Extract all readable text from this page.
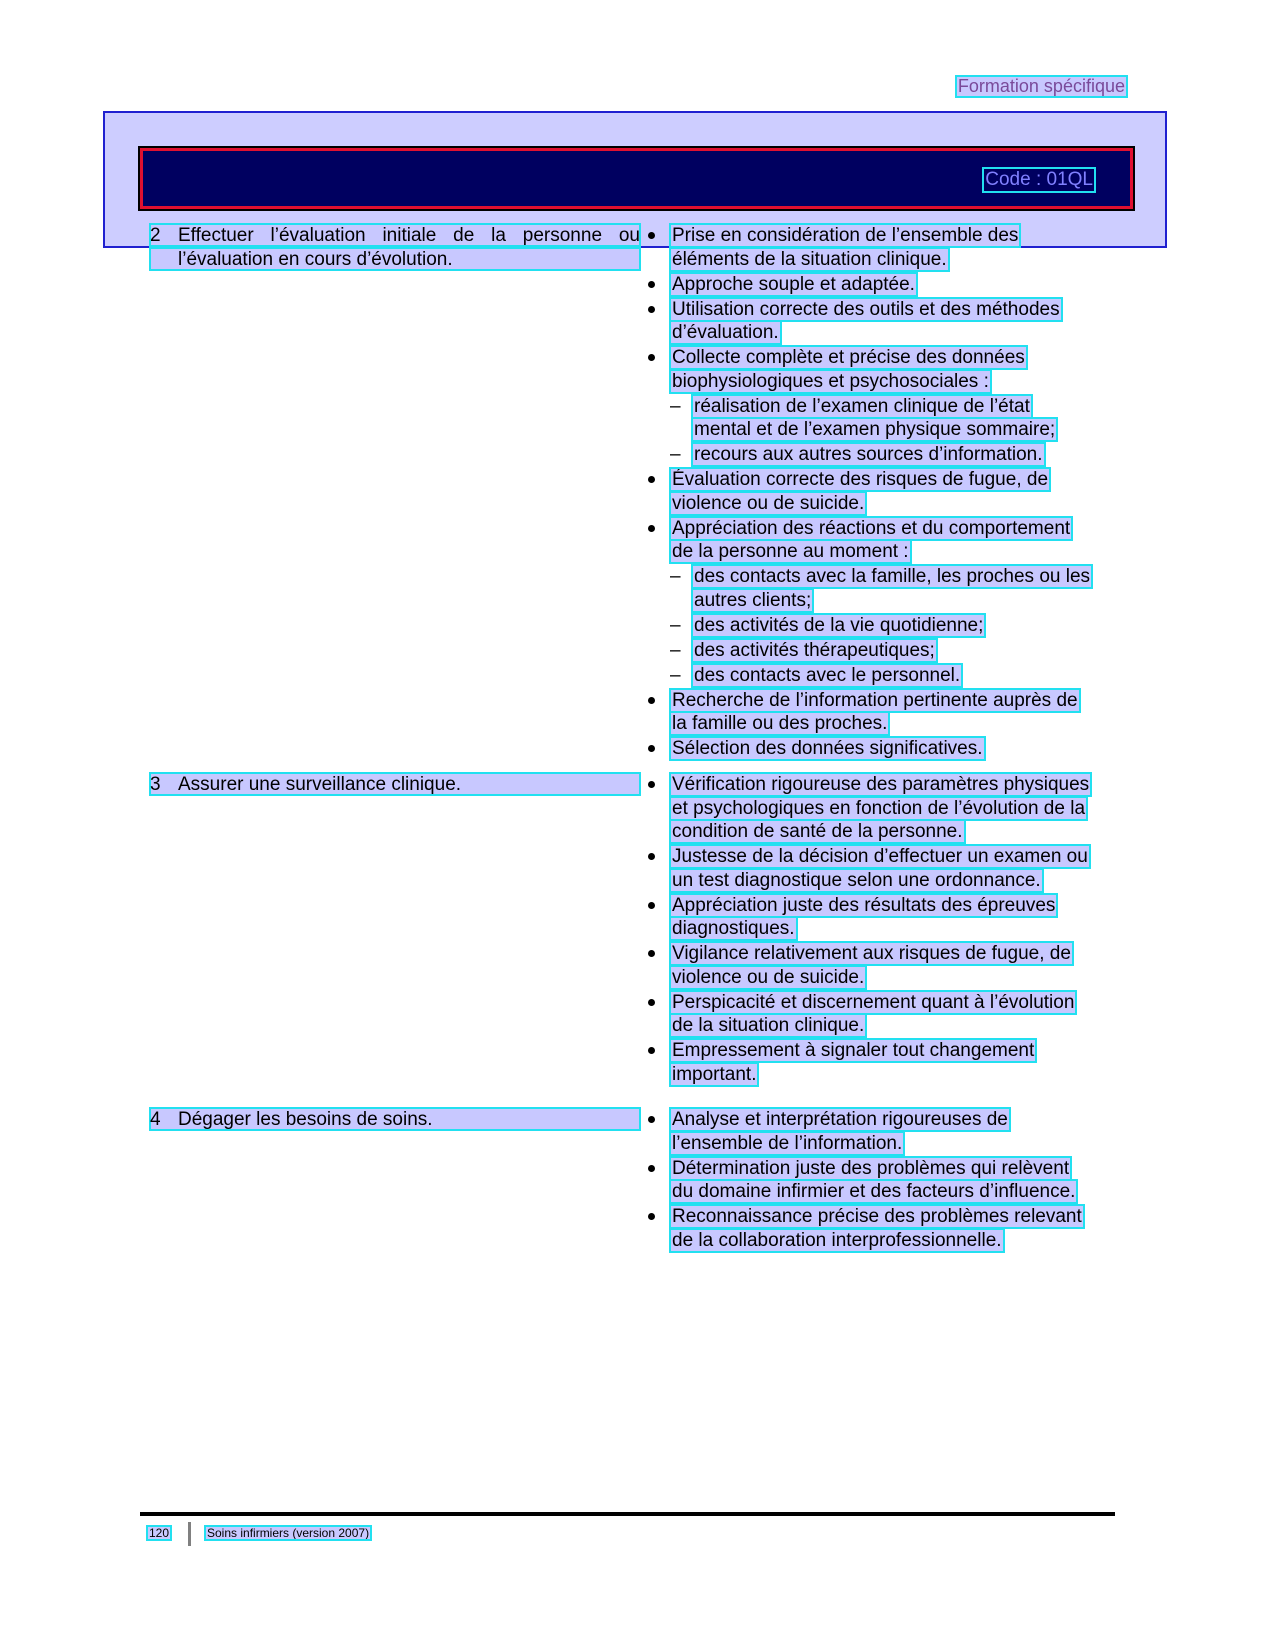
Formation spécifique
Code : 01QL
2 Effectuer l’évaluation initiale de la personne ou
l’évaluation en cours d’évolution.
3 Assurer une surveillance clinique.
4 Dégager les besoins de soins.
Prise en considération de l’ensemble des
éléments de la situation clinique.
Approche souple et adaptée.
Utilisation correcte des outils et des méthodes
d’évaluation.
Collecte complète et précise des données
biophysiologiques et psychosociales :
– réalisation de l’examen clinique de l’état
mental et de l’examen physique sommaire;
– recours aux autres sources d’information.
Évaluation correcte des risques de fugue, de
violence ou de suicide.
Appréciation des réactions et du comportement
de la personne au moment :
– des contacts avec la famille, les proches ou les
autres clients;
– des activités de la vie quotidienne;
– des activités thérapeutiques;
– des contacts avec le personnel.
Recherche de l’information pertinente auprès de
la famille ou des proches.
Sélection des données significatives.
Vérification rigoureuse des paramètres physiques
et psychologiques en fonction de l’évolution de la
condition de santé de la personne.
Justesse de la décision d’effectuer un examen ou
un test diagnostique selon une ordonnance.
Appréciation juste des résultats des épreuves
diagnostiques.
Vigilance relativement aux risques de fugue, de
violence ou de suicide.
Perspicacité et discernement quant à l’évolution
de la situation clinique.
Empressement à signaler tout changement
important.
Analyse et interprétation rigoureuses de
l’ensemble de l’information.
Détermination juste des problèmes qui relèvent
du domaine infirmier et des facteurs d’influence.
Reconnaissance précise des problèmes relevant
de la collaboration interprofessionnelle.
120	Soins infirmiers (version 2007)
